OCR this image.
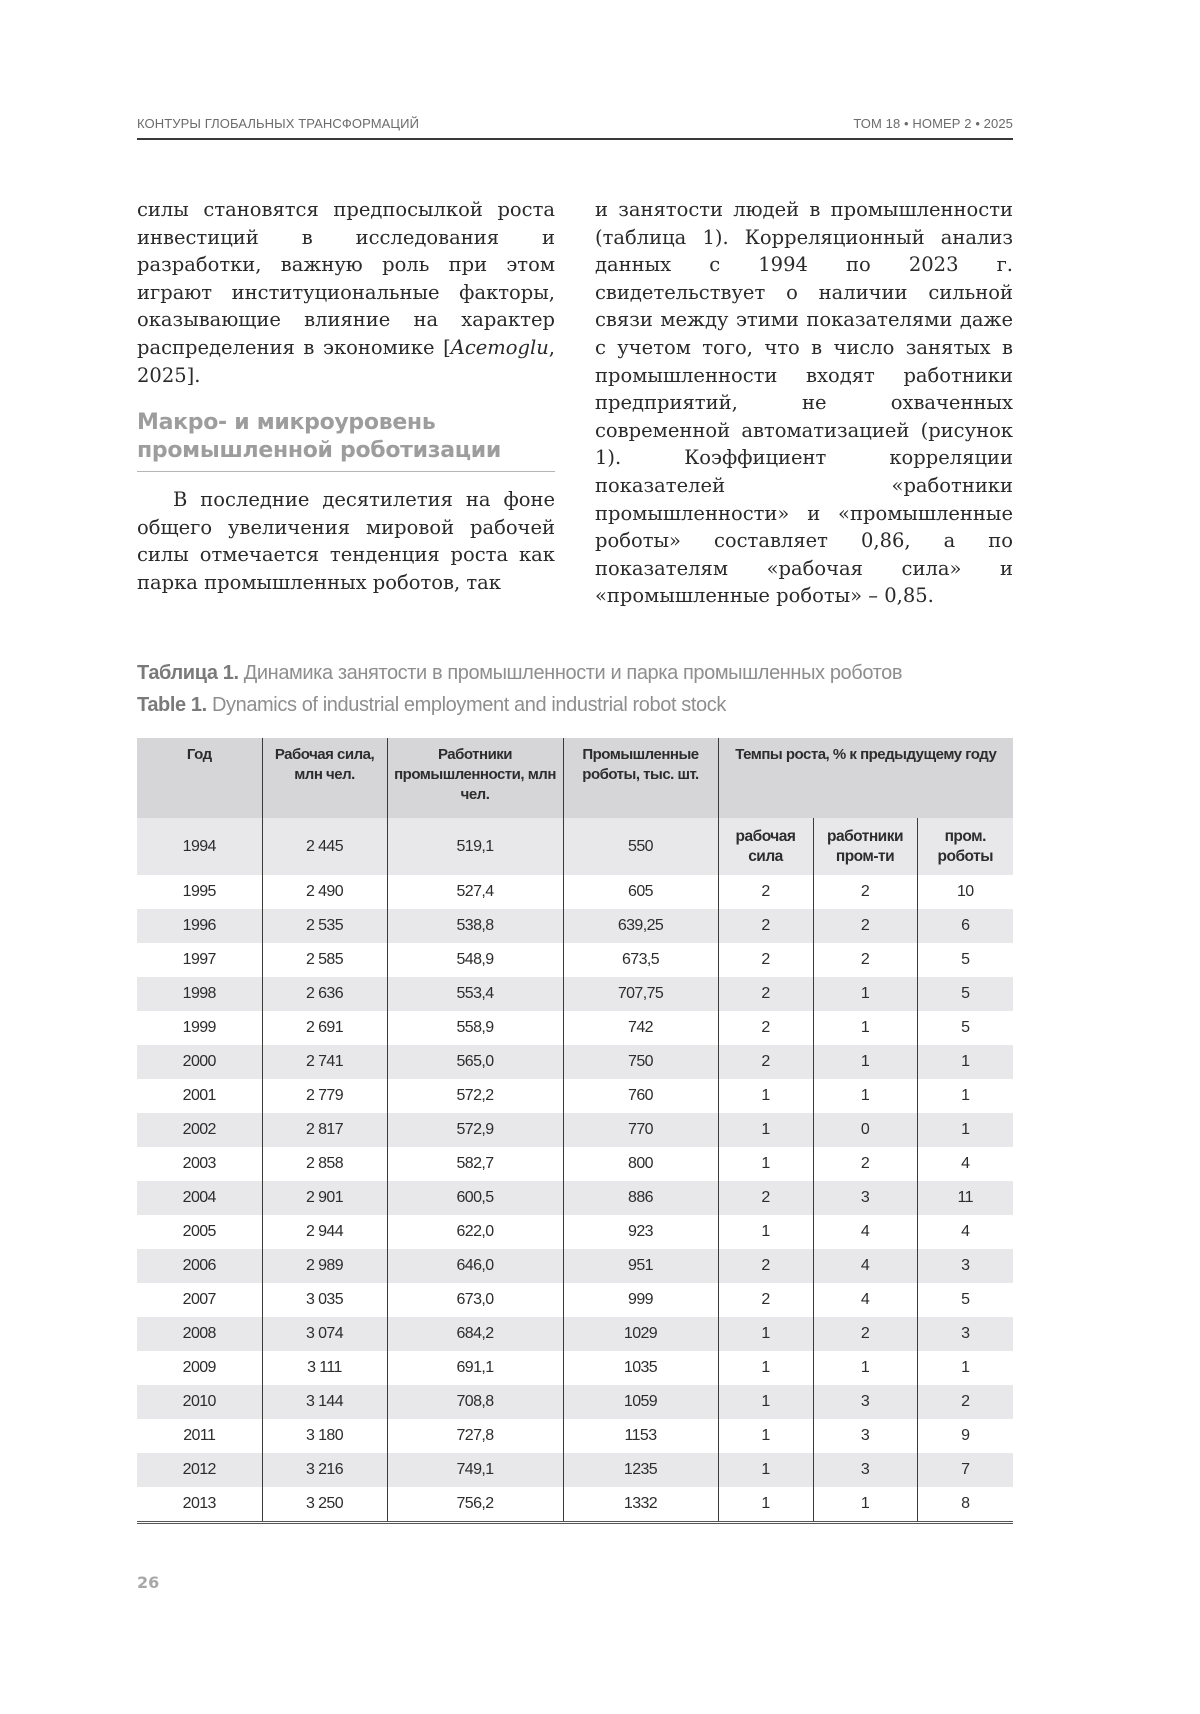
КОНТУРЫ ГЛОБАЛЬНЫХ ТРАНСФОРМАЦИЙ	ТОМ 18 • НОМЕР 2 • 2025

силы становятся предпосылкой роста инвестиций в исследования и разработки, важную роль при этом играют институциональные факторы, оказывающие влияние на характер распределения в экономике [Acemoglu, 2025].

Макро- и микроуровень промышленной роботизации

В последние десятилетия на фоне общего увеличения мировой рабочей силы отмечается тенденция роста как парка промышленных роботов, так

и занятости людей в промышленности (таблица 1). Корреляционный анализ данных с 1994 по 2023 г. свидетельствует о наличии сильной связи между этими показателями даже с учетом того, что в число занятых в промышленности входят работники предприятий, не охваченных современной автоматизацией (рисунок 1). Коэффициент корреляции показателей «работники промышленности» и «промышленные роботы» составляет 0,86, а по показателям «рабочая сила» и «промышленные роботы» – 0,85.

Таблица 1. Динамика занятости в промышленности и парка промышленных роботов
Table 1. Dynamics of industrial employment and industrial robot stock
Год	Рабочая сила, млн чел.	Работники промышленности, млн чел.	Промышленные роботы, тыс. шт.	Темпы роста, % к предыдущему году		
1994	2 445	519,1	550	рабочая сила	работники пром-ти	пром. роботы
1995	2 490	527,4	605	2	2	10
1996	2 535	538,8	639,25	2	2	6
1997	2 585	548,9	673,5	2	2	5
1998	2 636	553,4	707,75	2	1	5
1999	2 691	558,9	742	2	1	5
2000	2 741	565,0	750	2	1	1
2001	2 779	572,2	760	1	1	1
2002	2 817	572,9	770	1	0	1
2003	2 858	582,7	800	1	2	4
2004	2 901	600,5	886	2	3	11
2005	2 944	622,0	923	1	4	4
2006	2 989	646,0	951	2	4	3
2007	3 035	673,0	999	2	4	5
2008	3 074	684,2	1029	1	2	3
2009	3 111	691,1	1035	1	1	1
2010	3 144	708,8	1059	1	3	2
2011	3 180	727,8	1153	1	3	9
2012	3 216	749,1	1235	1	3	7
2013	3 250	756,2	1332	1	1	8
26
